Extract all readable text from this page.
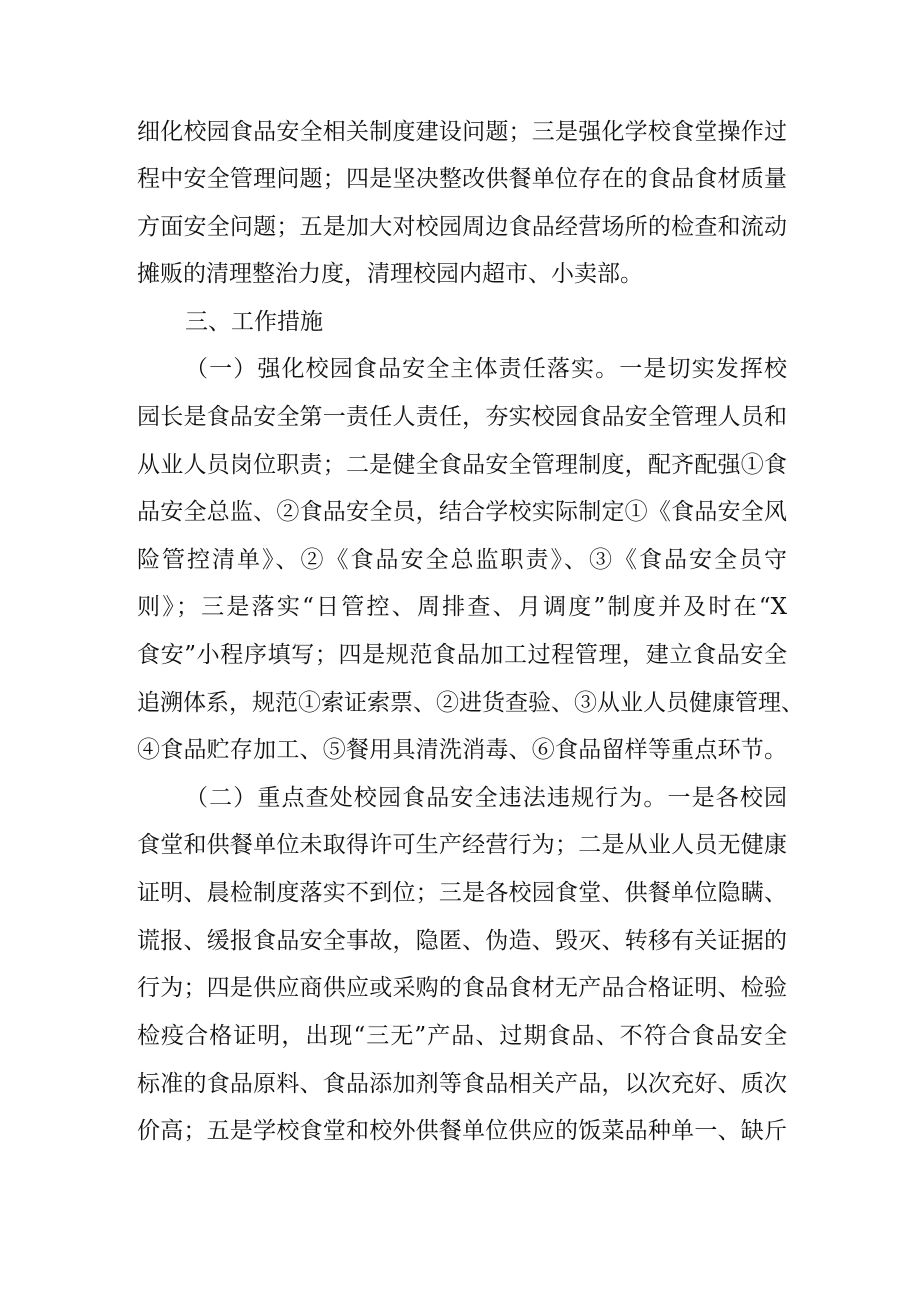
细化校园食品安全相关制度建设问题；三是强化学校食堂操作过
程中安全管理问题；四是坚决整改供餐单位存在的食品食材质量
方面安全问题；五是加大对校园周边食品经营场所的检查和流动
摊贩的清理整治力度，清理校园内超市、小卖部。
三、工作措施
（一）强化校园食品安全主体责任落实。一是切实发挥校
园长是食品安全第一责任人责任，夯实校园食品安全管理人员和
从业人员岗位职责；二是健全食品安全管理制度，配齐配强①食
品安全总监、②食品安全员，结合学校实际制定①《食品安全风
险管控清单》、②《食品安全总监职责》、③《食品安全员守
则》；三是落实“日管控、周排查、月调度”制度并及时在“X
食安”小程序填写；四是规范食品加工过程管理，建立食品安全
追溯体系，规范①索证索票、②进货查验、③从业人员健康管理、
④食品贮存加工、⑤餐用具清洗消毒、⑥食品留样等重点环节。
（二）重点查处校园食品安全违法违规行为。一是各校园
食堂和供餐单位未取得许可生产经营行为；二是从业人员无健康
证明、晨检制度落实不到位；三是各校园食堂、供餐单位隐瞒、
谎报、缓报食品安全事故，隐匿、伪造、毁灭、转移有关证据的
行为；四是供应商供应或采购的食品食材无产品合格证明、检验
检疫合格证明，出现“三无”产品、过期食品、不符合食品安全
标准的食品原料、食品添加剂等食品相关产品，以次充好、质次
价高；五是学校食堂和校外供餐单位供应的饭菜品种单一、缺斤
